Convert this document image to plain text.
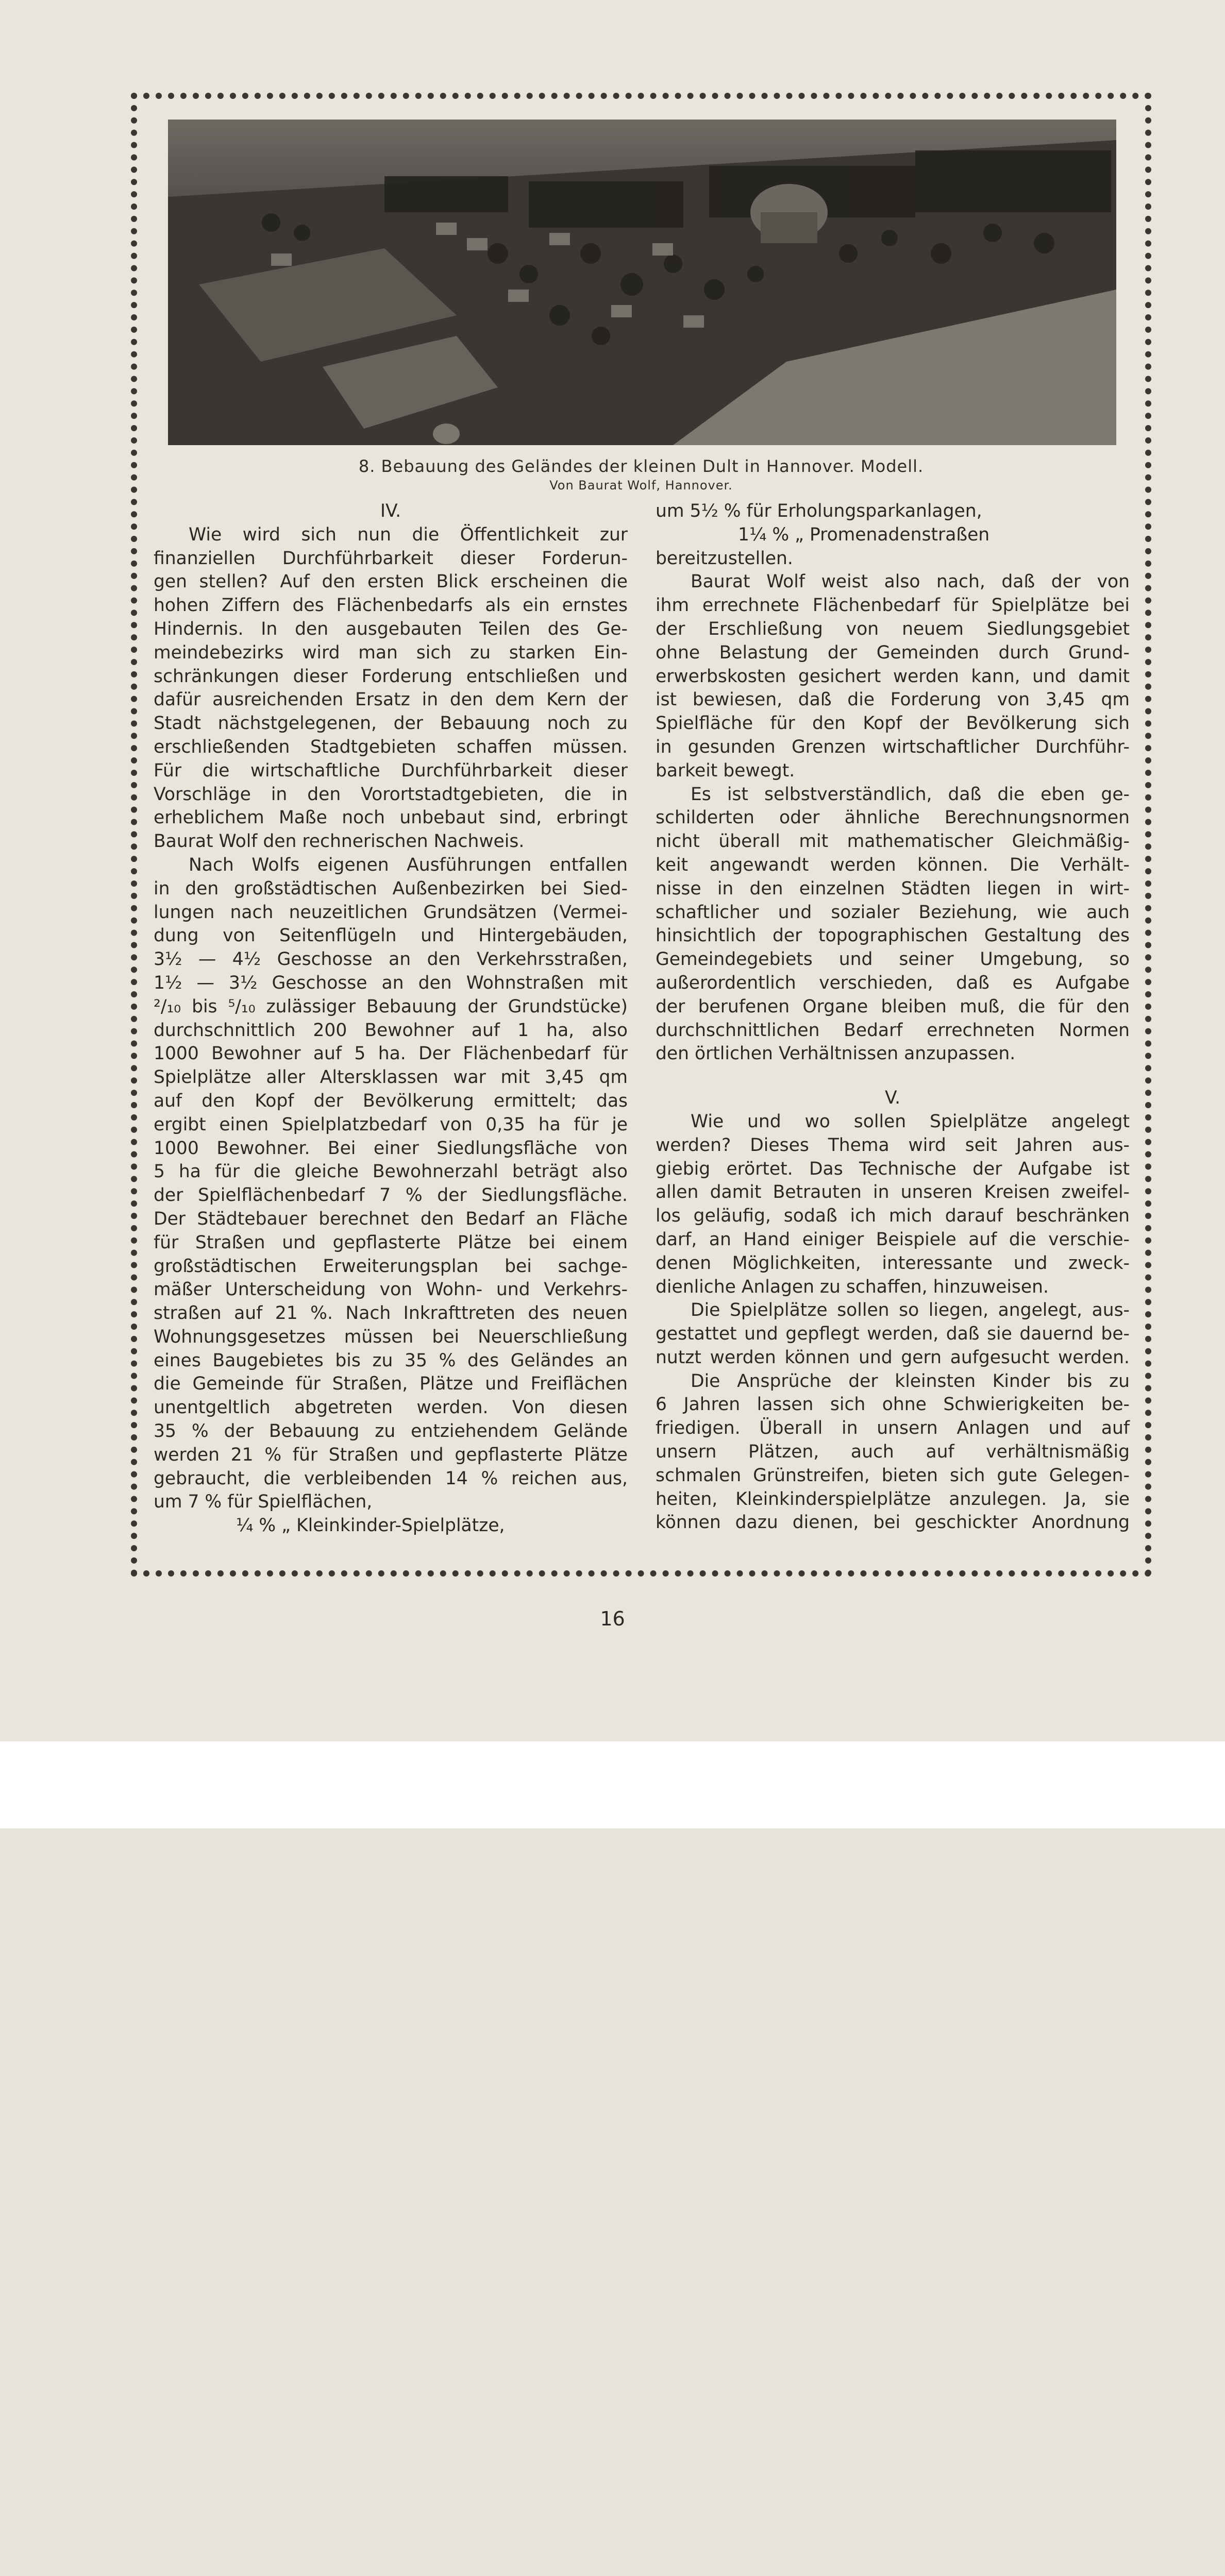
8. Bebauung des Geländes der kleinen Dult in Hannover. Modell.
Von Baurat Wolf, Hannover.
IV.
Wie wird sich nun die Öffentlichkeit zur
finanziellen Durchführbarkeit dieser Forderun-
gen stellen? Auf den ersten Blick erscheinen die
hohen Ziffern des Flächenbedarfs als ein ernstes
Hindernis. In den ausgebauten Teilen des Ge-
meindebezirks wird man sich zu starken Ein-
schränkungen dieser Forderung entschließen und
dafür ausreichenden Ersatz in den dem Kern der
Stadt nächstgelegenen, der Bebauung noch zu
erschließenden Stadtgebieten schaffen müssen.
Für die wirtschaftliche Durchführbarkeit dieser
Vorschläge in den Vorortstadtgebieten, die in
erheblichem Maße noch unbebaut sind, erbringt
Baurat Wolf den rechnerischen Nachweis.
Nach Wolfs eigenen Ausführungen entfallen
in den großstädtischen Außenbezirken bei Sied-
lungen nach neuzeitlichen Grundsätzen (Vermei-
dung von Seitenflügeln und Hintergebäuden,
3½ — 4½ Geschosse an den Verkehrsstraßen,
1½ — 3½ Geschosse an den Wohnstraßen mit
²/₁₀ bis ⁵/₁₀ zulässiger Bebauung der Grundstücke)
durchschnittlich 200 Bewohner auf 1 ha, also
1000 Bewohner auf 5 ha. Der Flächenbedarf für
Spielplätze aller Altersklassen war mit 3,45 qm
auf den Kopf der Bevölkerung ermittelt; das
ergibt einen Spielplatzbedarf von 0,35 ha für je
1000 Bewohner. Bei einer Siedlungsfläche von
5 ha für die gleiche Bewohnerzahl beträgt also
der Spielflächenbedarf 7 % der Siedlungsfläche.
Der Städtebauer berechnet den Bedarf an Fläche
für Straßen und gepflasterte Plätze bei einem
großstädtischen Erweiterungsplan bei sachge-
mäßer Unterscheidung von Wohn- und Verkehrs-
straßen auf 21 %. Nach Inkrafttreten des neuen
Wohnungsgesetzes müssen bei Neuerschließung
eines Baugebietes bis zu 35 % des Geländes an
die Gemeinde für Straßen, Plätze und Freiflächen
unentgeltlich abgetreten werden. Von diesen
35 % der Bebauung zu entziehendem Gelände
werden 21 % für Straßen und gepflasterte Plätze
gebraucht, die verbleibenden 14 % reichen aus,
um 7 % für Spielflächen,
¼ % „ Kleinkinder-Spielplätze,
um 5½ % für Erholungsparkanlagen,
1¼ % „ Promenadenstraßen
bereitzustellen.
Baurat Wolf weist also nach, daß der von
ihm errechnete Flächenbedarf für Spielplätze bei
der Erschließung von neuem Siedlungsgebiet
ohne Belastung der Gemeinden durch Grund-
erwerbskosten gesichert werden kann, und damit
ist bewiesen, daß die Forderung von 3,45 qm
Spielfläche für den Kopf der Bevölkerung sich
in gesunden Grenzen wirtschaftlicher Durchführ-
barkeit bewegt.
Es ist selbstverständlich, daß die eben ge-
schilderten oder ähnliche Berechnungsnormen
nicht überall mit mathematischer Gleichmäßig-
keit angewandt werden können. Die Verhält-
nisse in den einzelnen Städten liegen in wirt-
schaftlicher und sozialer Beziehung, wie auch
hinsichtlich der topographischen Gestaltung des
Gemeindegebiets und seiner Umgebung, so
außerordentlich verschieden, daß es Aufgabe
der berufenen Organe bleiben muß, die für den
durchschnittlichen Bedarf errechneten Normen
den örtlichen Verhältnissen anzupassen.
V.
Wie und wo sollen Spielplätze angelegt
werden? Dieses Thema wird seit Jahren aus-
giebig erörtet. Das Technische der Aufgabe ist
allen damit Betrauten in unseren Kreisen zweifel-
los geläufig, sodaß ich mich darauf beschränken
darf, an Hand einiger Beispiele auf die verschie-
denen Möglichkeiten, interessante und zweck-
dienliche Anlagen zu schaffen, hinzuweisen.
Die Spielplätze sollen so liegen, angelegt, aus-
gestattet und gepflegt werden, daß sie dauernd be-
nutzt werden können und gern aufgesucht werden.
Die Ansprüche der kleinsten Kinder bis zu
6 Jahren lassen sich ohne Schwierigkeiten be-
friedigen. Überall in unsern Anlagen und auf
unsern Plätzen, auch auf verhältnismäßig
schmalen Grünstreifen, bieten sich gute Gelegen-
heiten, Kleinkinderspielplätze anzulegen. Ja, sie
können dazu dienen, bei geschickter Anordnung
16
